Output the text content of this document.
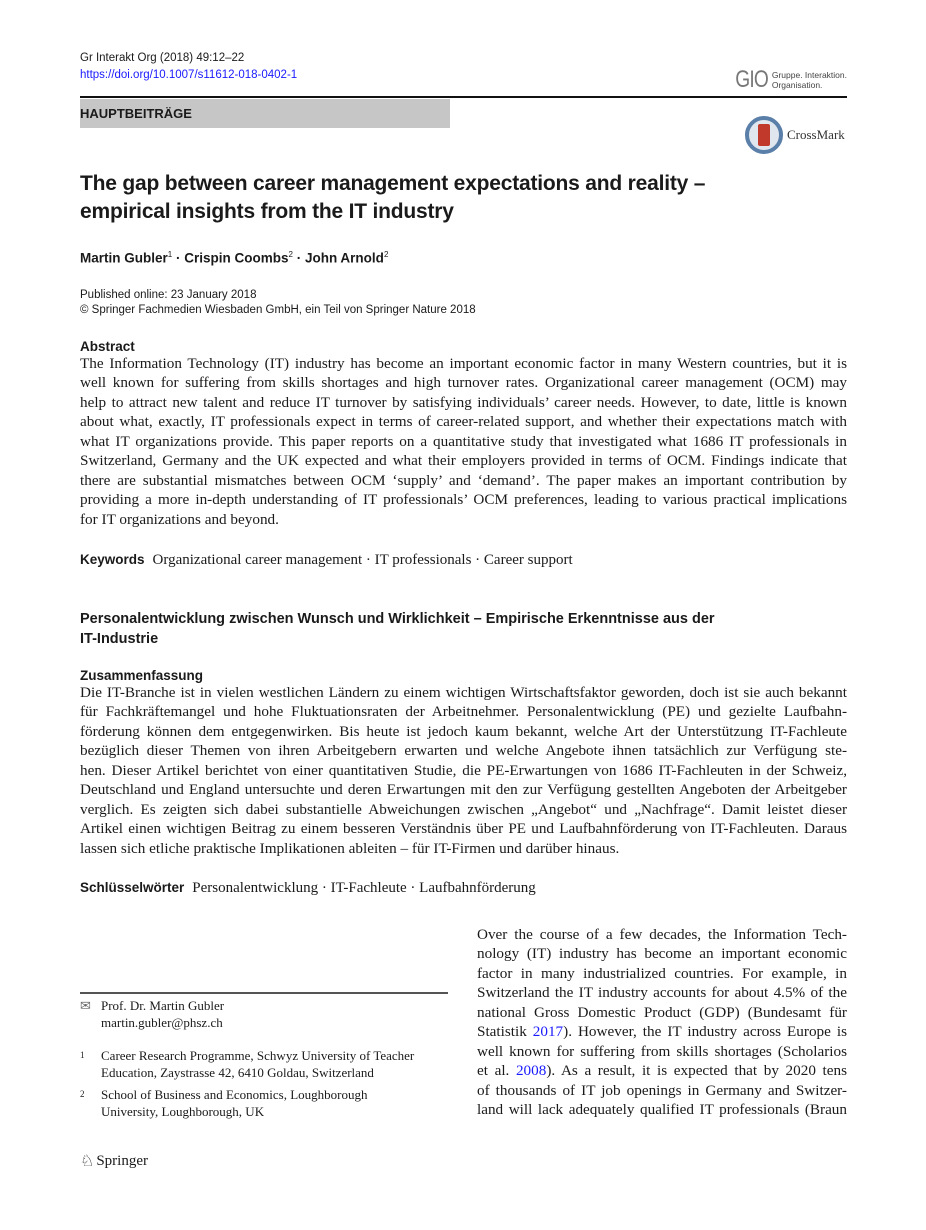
Gr Interakt Org (2018) 49:12–22
https://doi.org/10.1007/s11612-018-0402-1	GIO Gruppe. Interaktion.
Organisation.
HAUPTBEITRÄGE
CrossMark
The gap between career management expectations and reality –
empirical insights from the IT industry
Martin Gubler$^1$ · Crispin Coombs$^2$ · John Arnold$^2$
Published online: 23 January 2018
© Springer Fachmedien Wiesbaden GmbH, ein Teil von Springer Nature 2018
Abstract
The Information Technology (IT) industry has become an important economic factor in many Western countries, but it is
well known for suffering from skills shortages and high turnover rates. Organizational career management (OCM) may
help to attract new talent and reduce IT turnover by satisfying individuals’ career needs. However, to date, little is known
about what, exactly, IT professionals expect in terms of career-related support, and whether their expectations match with
what IT organizations provide. This paper reports on a quantitative study that investigated what 1686 IT professionals in
Switzerland, Germany and the UK expected and what their employers provided in terms of OCM. Findings indicate that
there are substantial mismatches between OCM ‘supply’ and ‘demand’. The paper makes an important contribution by
providing a more in-depth understanding of IT professionals’ OCM preferences, leading to various practical implications
for IT organizations and beyond.
Keywords Organizational career management · IT professionals · Career support
Personalentwicklung zwischen Wunsch und Wirklichkeit – Empirische Erkenntnisse aus der
IT-Industrie
Zusammenfassung
Die IT-Branche ist in vielen westlichen Ländern zu einem wichtigen Wirtschaftsfaktor geworden, doch ist sie auch bekannt
für Fachkräftemangel und hohe Fluktuationsraten der Arbeitnehmer. Personalentwicklung (PE) und gezielte Laufbahn-
förderung können dem entgegenwirken. Bis heute ist jedoch kaum bekannt, welche Art der Unterstützung IT-Fachleute
bezüglich dieser Themen von ihren Arbeitgebern erwarten und welche Angebote ihnen tatsächlich zur Verfügung ste-
hen. Dieser Artikel berichtet von einer quantitativen Studie, die PE-Erwartungen von 1686 IT-Fachleuten in der Schweiz,
Deutschland und England untersuchte und deren Erwartungen mit den zur Verfügung gestellten Angeboten der Arbeitgeber
verglich. Es zeigten sich dabei substantielle Abweichungen zwischen „Angebot“ und „Nachfrage“. Damit leistet dieser
Artikel einen wichtigen Beitrag zu einem besseren Verständnis über PE und Laufbahnförderung von IT-Fachleuten. Daraus
lassen sich etliche praktische Implikationen ableiten – für IT-Firmen und darüber hinaus.
Schlüsselwörter Personalentwicklung · IT-Fachleute · Laufbahnförderung
Over the course of a few decades, the Information Tech-
nology (IT) industry has become an important economic
factor in many industrialized countries. For example, in
Switzerland the IT industry accounts for about 4.5% of the
national Gross Domestic Product (GDP) (Bundesamt für
Statistik 2017). However, the IT industry across Europe is
well known for suffering from skills shortages (Scholarios
et al. 2008). As a result, it is expected that by 2020 tens
of thousands of IT job openings in Germany and Switzer-
land will lack adequately qualified IT professionals (Braun
✉ Prof. Dr. Martin Gubler
martin.gubler@phsz.ch
1 Career Research Programme, Schwyz University of Teacher
Education, Zaystrasse 42, 6410 Goldau, Switzerland
2 School of Business and Economics, Loughborough
University, Loughborough, UK
♘ Springer
